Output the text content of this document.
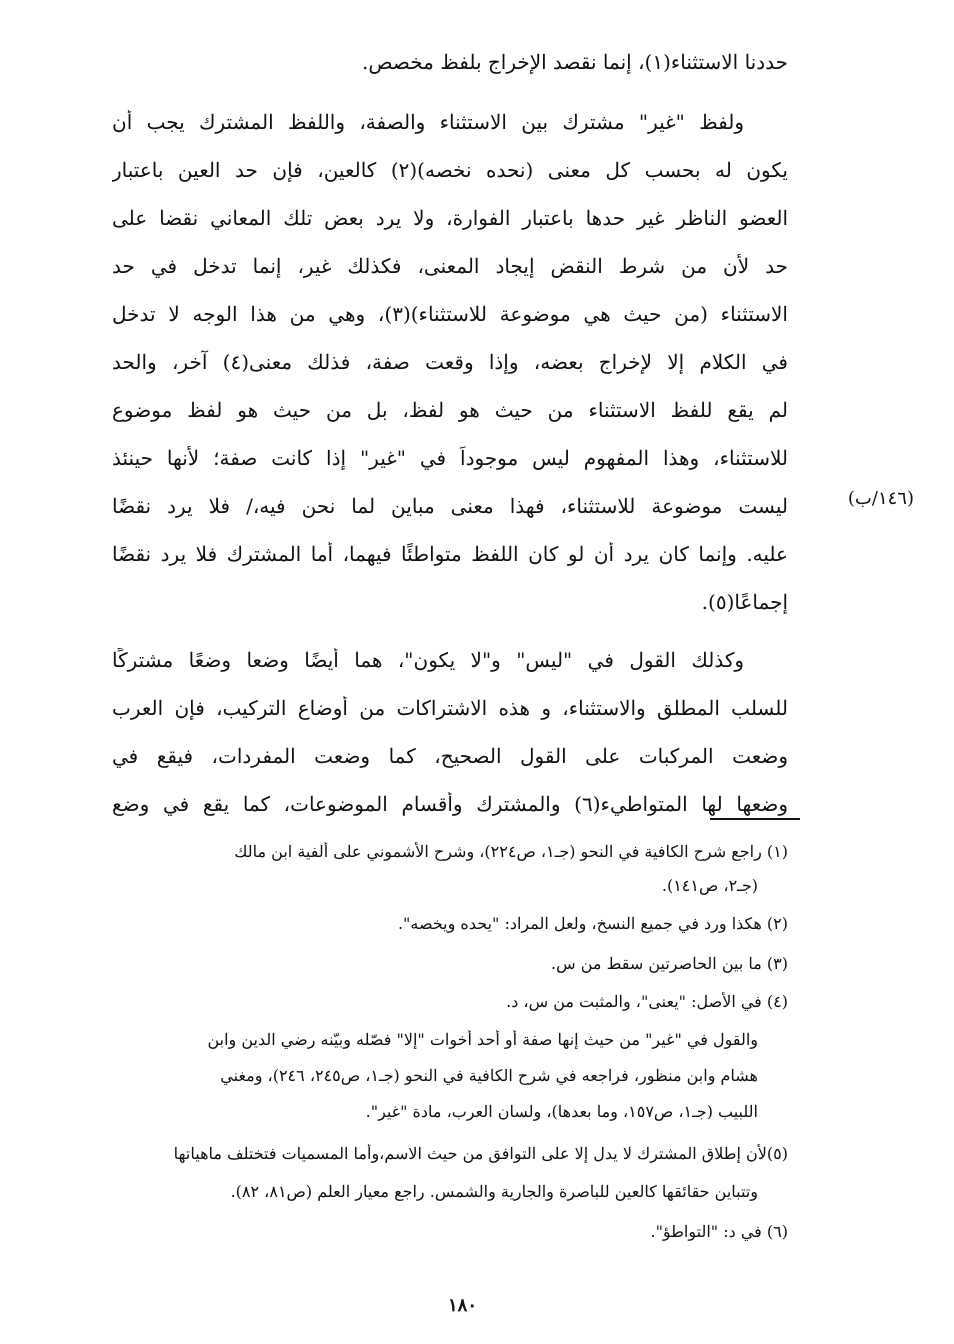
حددنا الاستثناء(١)، إنما نقصد الإخراج بلفظ مخصص.
ولفظ "غير" مشترك بين الاستثناء والصفة، واللفظ المشترك يجب أن
يكون له بحسب كل معنى (نحده نخصه)(٢) كالعين، فإن حد العين باعتبار
العضو الناظر غير حدها باعتبار الفوارة، ولا يرد بعض تلك المعاني نقضا على
حد لأن من شرط النقض إيجاد المعنى، فكذلك غير، إنما تدخل في حد
الاستثناء (من حيث هي موضوعة للاستثناء)(٣)، وهي من هذا الوجه لا تدخل
في الكلام إلا لإخراج بعضه، وإذا وقعت صفة، فذلك معنى(٤) آخر، والحد
لم يقع للفظ الاستثناء من حيث هو لفظ، بل من حيث هو لفظ موضوع
للاستثناء، وهذا المفهوم ليس موجوداً في "غير" إذا كانت صفة؛ لأنها حينئذ
ليست موضوعة للاستثناء، فهذا معنى مباين لما نحن فيه،/ فلا يرد نقضًا
عليه. وإنما كان يرد أن لو كان اللفظ متواطئًا فيهما، أما المشترك فلا يرد نقضًا
إجماعًا(٥).
وكذلك القول في "ليس" و"لا يكون"، هما أيضًا وضعا وضعًا مشتركًا
للسلب المطلق والاستثناء، و هذه الاشتراكات من أوضاع التركيب، فإن العرب
وضعت المركبات على القول الصحيح، كما وضعت المفردات، فيقع في
وضعها لها المتواطيء(٦) والمشترك وأقسام الموضوعات، كما يقع في وضع
(١٤٦/ب)
(١) راجع شرح الكافية في النحو (جـ١، ص٢٢٤)، وشرح الأشموني على ألفية ابن مالك
(جـ٢، ص١٤١).
(٢) هكذا ورد في جميع النسخ، ولعل المراد: "يحده ويخصه".
(٣) ما بين الحاصرتين سقط من س.
(٤) في الأصل: "يعنى"، والمثبت من س، د.
والقول في "غير" من حيث إنها صفة أو أحد أخوات "إلا" فصّله وبيّنه رضي الدين وابن
هشام وابن منظور، فراجعه في شرح الكافية في النحو (جـ١، ص٢٤٥، ٢٤٦)، ومغني
اللبيب (جـ١، ص١٥٧، وما بعدها)، ولسان العرب، مادة "غير".
(٥)لأن إطلاق المشترك لا يدل إلا على التوافق من حيث الاسم،وأما المسميات فتختلف ماهياتها
وتتباين حقائقها كالعين للباصرة والجارية والشمس. راجع معيار العلم (ص٨١، ٨٢).
(٦) في د: "التواطؤ".
١٨٠
